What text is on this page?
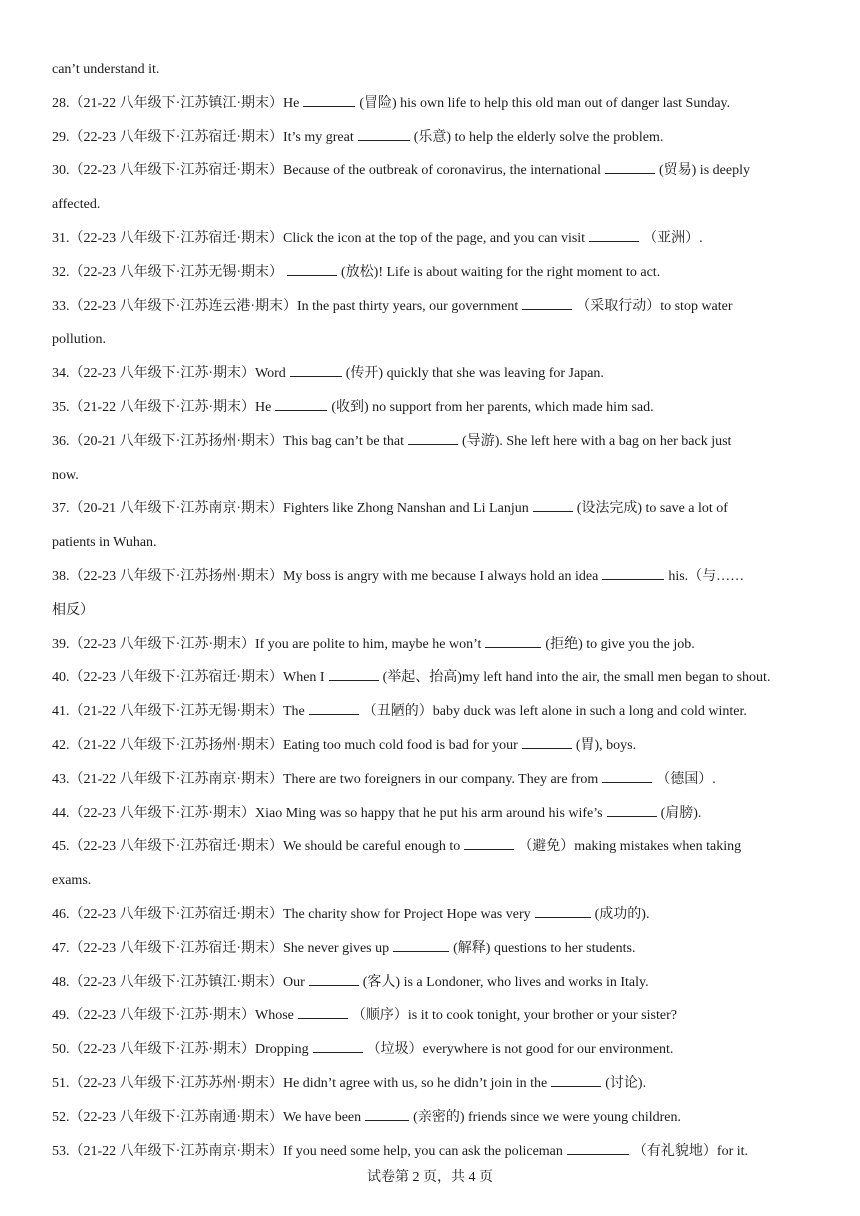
can’t understand it.
28.（21-22 八年级下·江苏镇江·期末）He	(冒险) his own life to help this old man out of danger last Sunday.
29.（22-23 八年级下·江苏宿迁·期末）It’s my great	(乐意) to help the elderly solve the problem.
30.（22-23 八年级下·江苏宿迁·期末）Because of the outbreak of coronavirus, the international	(贸易) is deeply
affected.
31.（22-23 八年级下·江苏宿迁·期末）Click the icon at the top of the page, and you can visit	（亚洲）.
32.（22-23 八年级下·江苏无锡·期末）	(放松)! Life is about waiting for the right moment to act.
33.（22-23 八年级下·江苏连云港·期末）In the past thirty years, our government	（采取行动）to stop water
pollution.
34.（22-23 八年级下·江苏·期末）Word	(传开) quickly that she was leaving for Japan.
35.（21-22 八年级下·江苏·期末）He	(收到) no support from her parents, which made him sad.
36.（20-21 八年级下·江苏扬州·期末）This bag can’t be that	(导游). She left here with a bag on her back just
now.
37.（20-21 八年级下·江苏南京·期末）Fighters like Zhong Nanshan and Li Lanjun	(设法完成) to save a lot of
patients in Wuhan.
38.（22-23 八年级下·江苏扬州·期末）My boss is angry with me because I always hold an idea	his.（与……
相反）
39.（22-23 八年级下·江苏·期末）If you are polite to him, maybe he won’t	(拒绝) to give you the job.
40.（22-23 八年级下·江苏宿迁·期末）When I	(举起、抬高)my left hand into the air, the small men began to shout.
41.（21-22 八年级下·江苏无锡·期末）The	（丑陋的）baby duck was left alone in such a long and cold winter.
42.（21-22 八年级下·江苏扬州·期末）Eating too much cold food is bad for your	(胃), boys.
43.（21-22 八年级下·江苏南京·期末）There are two foreigners in our company. They are from	（德国）.
44.（22-23 八年级下·江苏·期末）Xiao Ming was so happy that he put his arm around his wife’s	(肩膀).
45.（22-23 八年级下·江苏宿迁·期末）We should be careful enough to	（避免）making mistakes when taking
exams.
46.（22-23 八年级下·江苏宿迁·期末）The charity show for Project Hope was very	(成功的).
47.（22-23 八年级下·江苏宿迁·期末）She never gives up	(解释) questions to her students.
48.（22-23 八年级下·江苏镇江·期末）Our	(客人) is a Londoner, who lives and works in Italy.
49.（22-23 八年级下·江苏·期末）Whose	（顺序）is it to cook tonight, your brother or your sister?
50.（22-23 八年级下·江苏·期末）Dropping	（垃圾）everywhere is not good for our environment.
51.（22-23 八年级下·江苏苏州·期末）He didn’t agree with us, so he didn’t join in the	(讨论).
52.（22-23 八年级下·江苏南通·期末）We have been	(亲密的) friends since we were young children.
53.（21-22 八年级下·江苏南京·期末）If you need some help, you can ask the policeman	（有礼貌地）for it.
试卷第 2 页，共 4 页
